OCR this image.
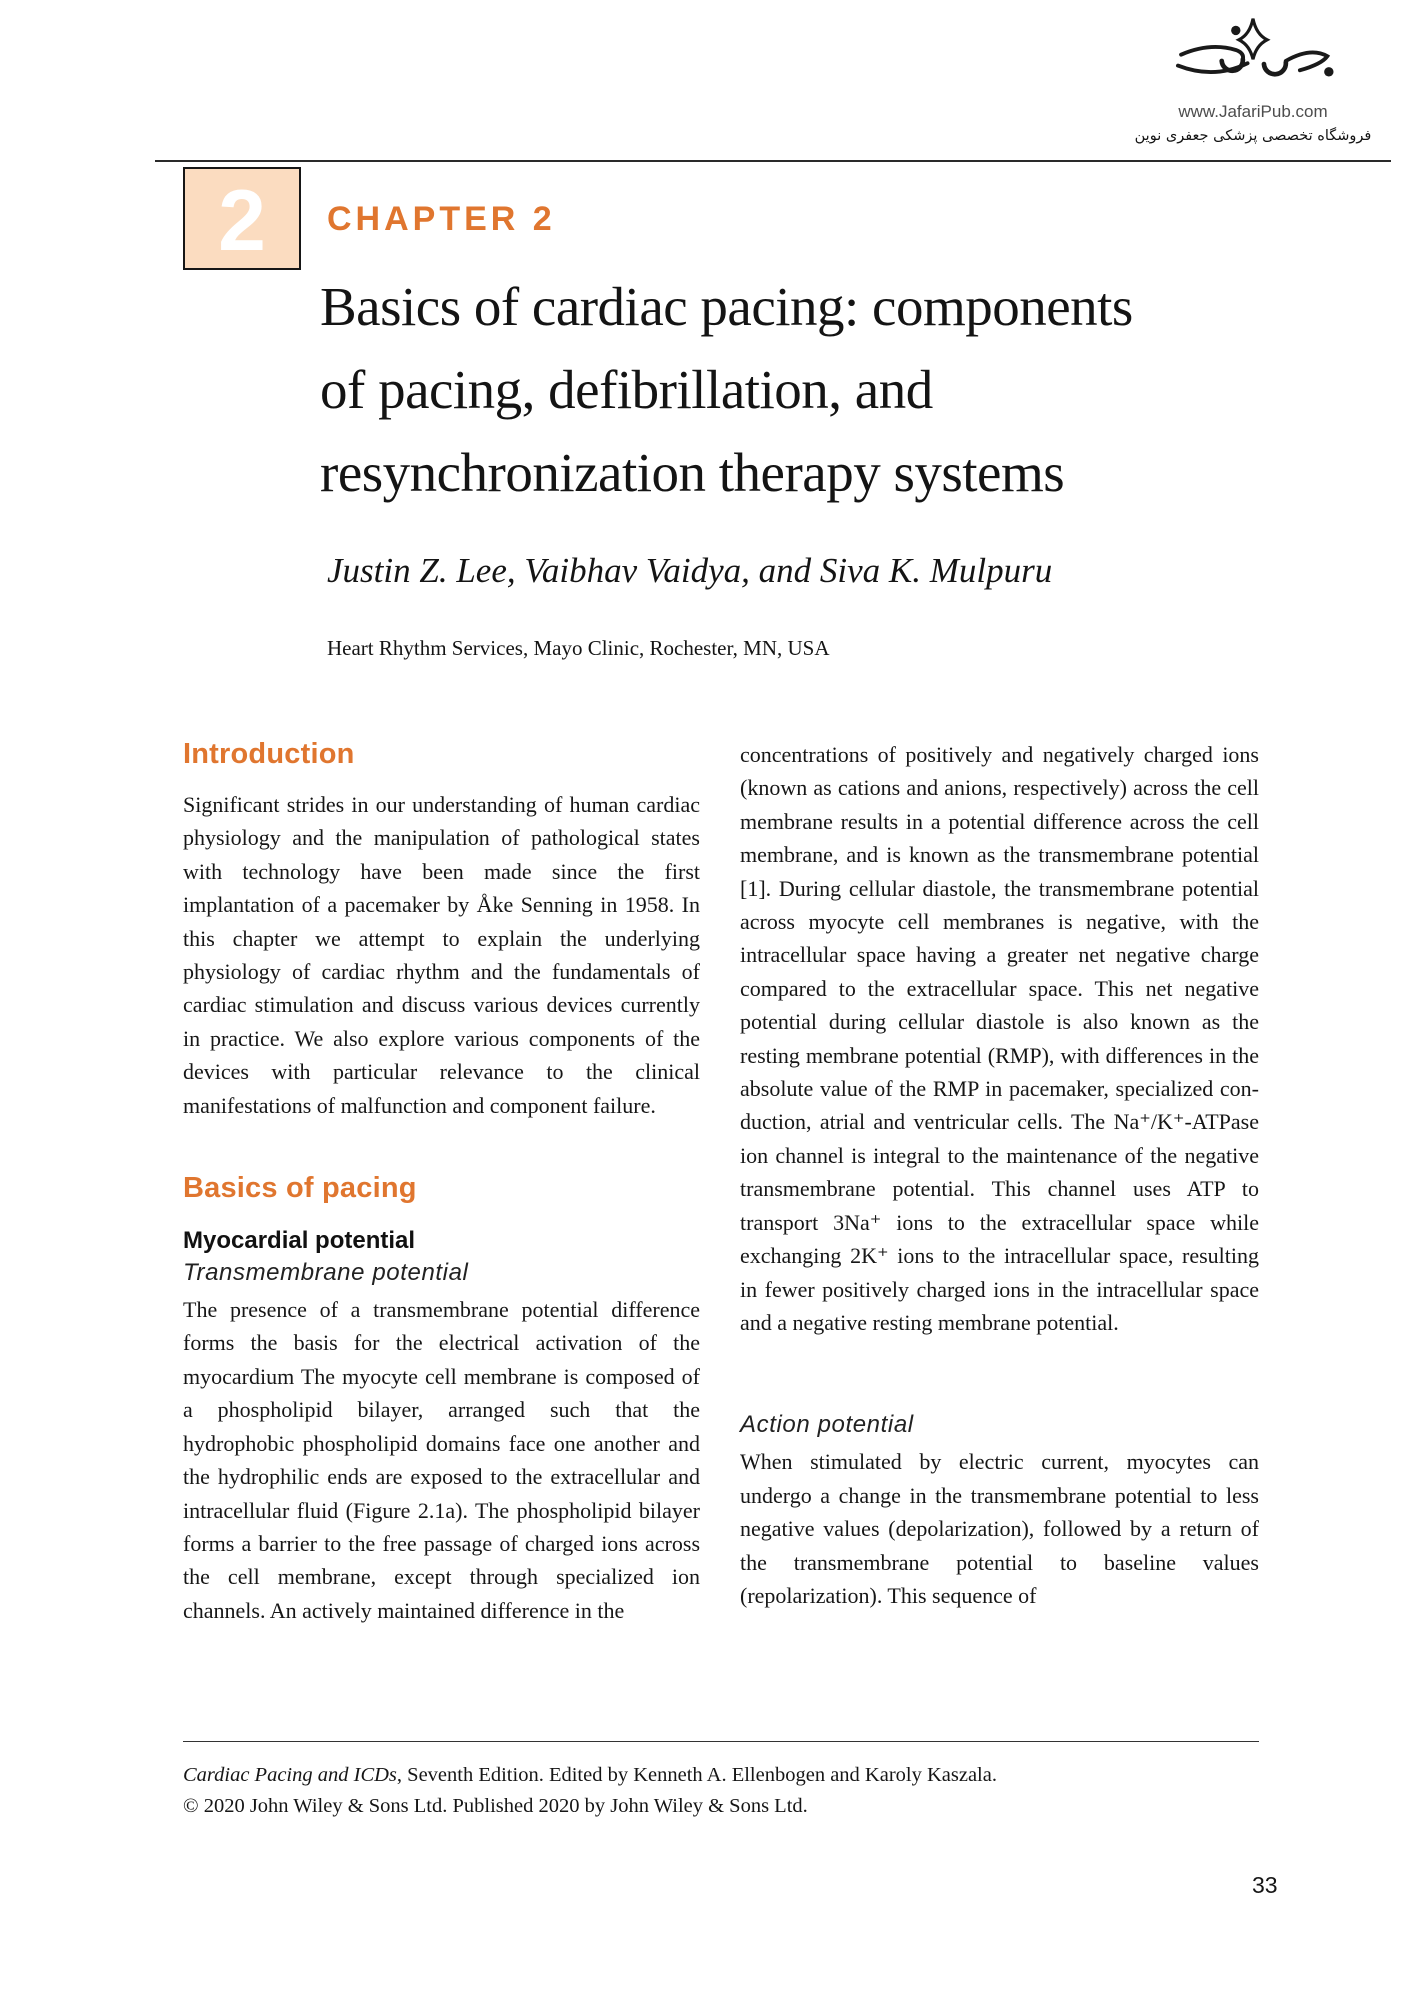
www.JafariPub.com
فروشگاه تخصصی پزشکی جعفری نوین
2 CHAPTER 2
Basics of cardiac pacing: components
of pacing, defibrillation, and
resynchronization therapy systems
Justin Z. Lee, Vaibhav Vaidya, and Siva K. Mulpuru
Heart Rhythm Services, Mayo Clinic, Rochester, MN, USA
Introduction

Significant strides in our understanding of human cardiac physiology and the manipulation of pathological states with technology have been made since the first implantation of a pacemaker by Åke Senning in 1958. In this chapter we attempt to explain the underlying physiology of cardiac rhythm and the fundamentals of cardiac stimulation and discuss various devices currently in practice. We also explore various components of the devices with particular relevance to the clinical manifestations of malfunction and component failure.

Basics of pacing
Myocardial potential
Transmembrane potential

The presence of a transmembrane potential difference forms the basis for the electrical activation of the myocardium The myocyte cell membrane is composed of a phospholipid bilayer, arranged such that the hydrophobic phospholipid domains face one another and the hydrophilic ends are exposed to the extracellular and intracellular fluid (Figure 2.1a). The phospholipid bilayer forms a barrier to the free passage of charged ions across the cell membrane, except through specialized ion channels. An actively maintained difference in the

concentrations of positively and negatively charged ions (known as cations and anions, respectively) across the cell membrane results in a potential difference across the cell membrane, and is known as the transmembrane potential [1]. During cellular diastole, the transmembrane potential across myocyte cell membranes is negative, with the intracellular space having a greater net negative charge compared to the extracellular space. This net negative potential during cellular diastole is also known as the resting membrane potential (RMP), with differences in the absolute value of the RMP in pacemaker, specialized conduction, atrial and ventricular cells. The Na⁺/K⁺-ATPase ion channel is integral to the maintenance of the negative transmembrane potential. This channel uses ATP to transport 3Na⁺ ions to the extracellular space while exchanging 2K⁺ ions to the intracellular space, resulting in fewer positively charged ions in the intracellular space and a negative resting membrane potential.

Action potential

When stimulated by electric current, myocytes can undergo a change in the transmembrane potential to less negative values (depolarization), followed by a return of the transmembrane potential to baseline values (repolarization). This sequence of

Cardiac Pacing and ICDs, Seventh Edition. Edited by Kenneth A. Ellenbogen and Karoly Kaszala.
© 2020 John Wiley & Sons Ltd. Published 2020 by John Wiley & Sons Ltd.
33
